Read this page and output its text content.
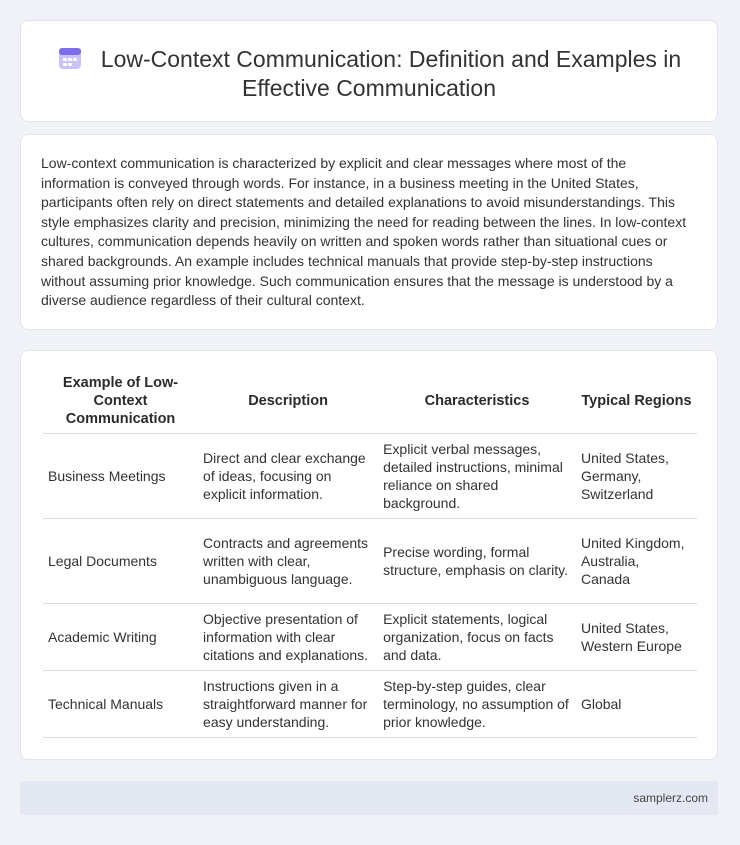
Low-Context Communication: Definition and Examples in Effective Communication

Low-context communication is characterized by explicit and clear messages where most of the information is conveyed through words. For instance, in a business meeting in the United States, participants often rely on direct statements and detailed explanations to avoid misunderstandings. This style emphasizes clarity and precision, minimizing the need for reading between the lines. In low-context cultures, communication depends heavily on written and spoken words rather than situational cues or shared backgrounds. An example includes technical manuals that provide step-by-step instructions without assuming prior knowledge. Such communication ensures that the message is understood by a diverse audience regardless of their cultural context.

Example of Low-Context Communication	Description	Characteristics	Typical Regions
Business Meetings	Direct and clear exchange of ideas, focusing on explicit information.	Explicit verbal messages, detailed instructions, minimal reliance on shared background.	United States, Germany, Switzerland
Legal Documents	Contracts and agreements written with clear, unambiguous language.	Precise wording, formal structure, emphasis on clarity.	United Kingdom, Australia, Canada
Academic Writing	Objective presentation of information with clear citations and explanations.	Explicit statements, logical organization, focus on facts and data.	United States, Western Europe
Technical Manuals	Instructions given in a straightforward manner for easy understanding.	Step-by-step guides, clear terminology, no assumption of prior knowledge.	Global
samplerz.com
